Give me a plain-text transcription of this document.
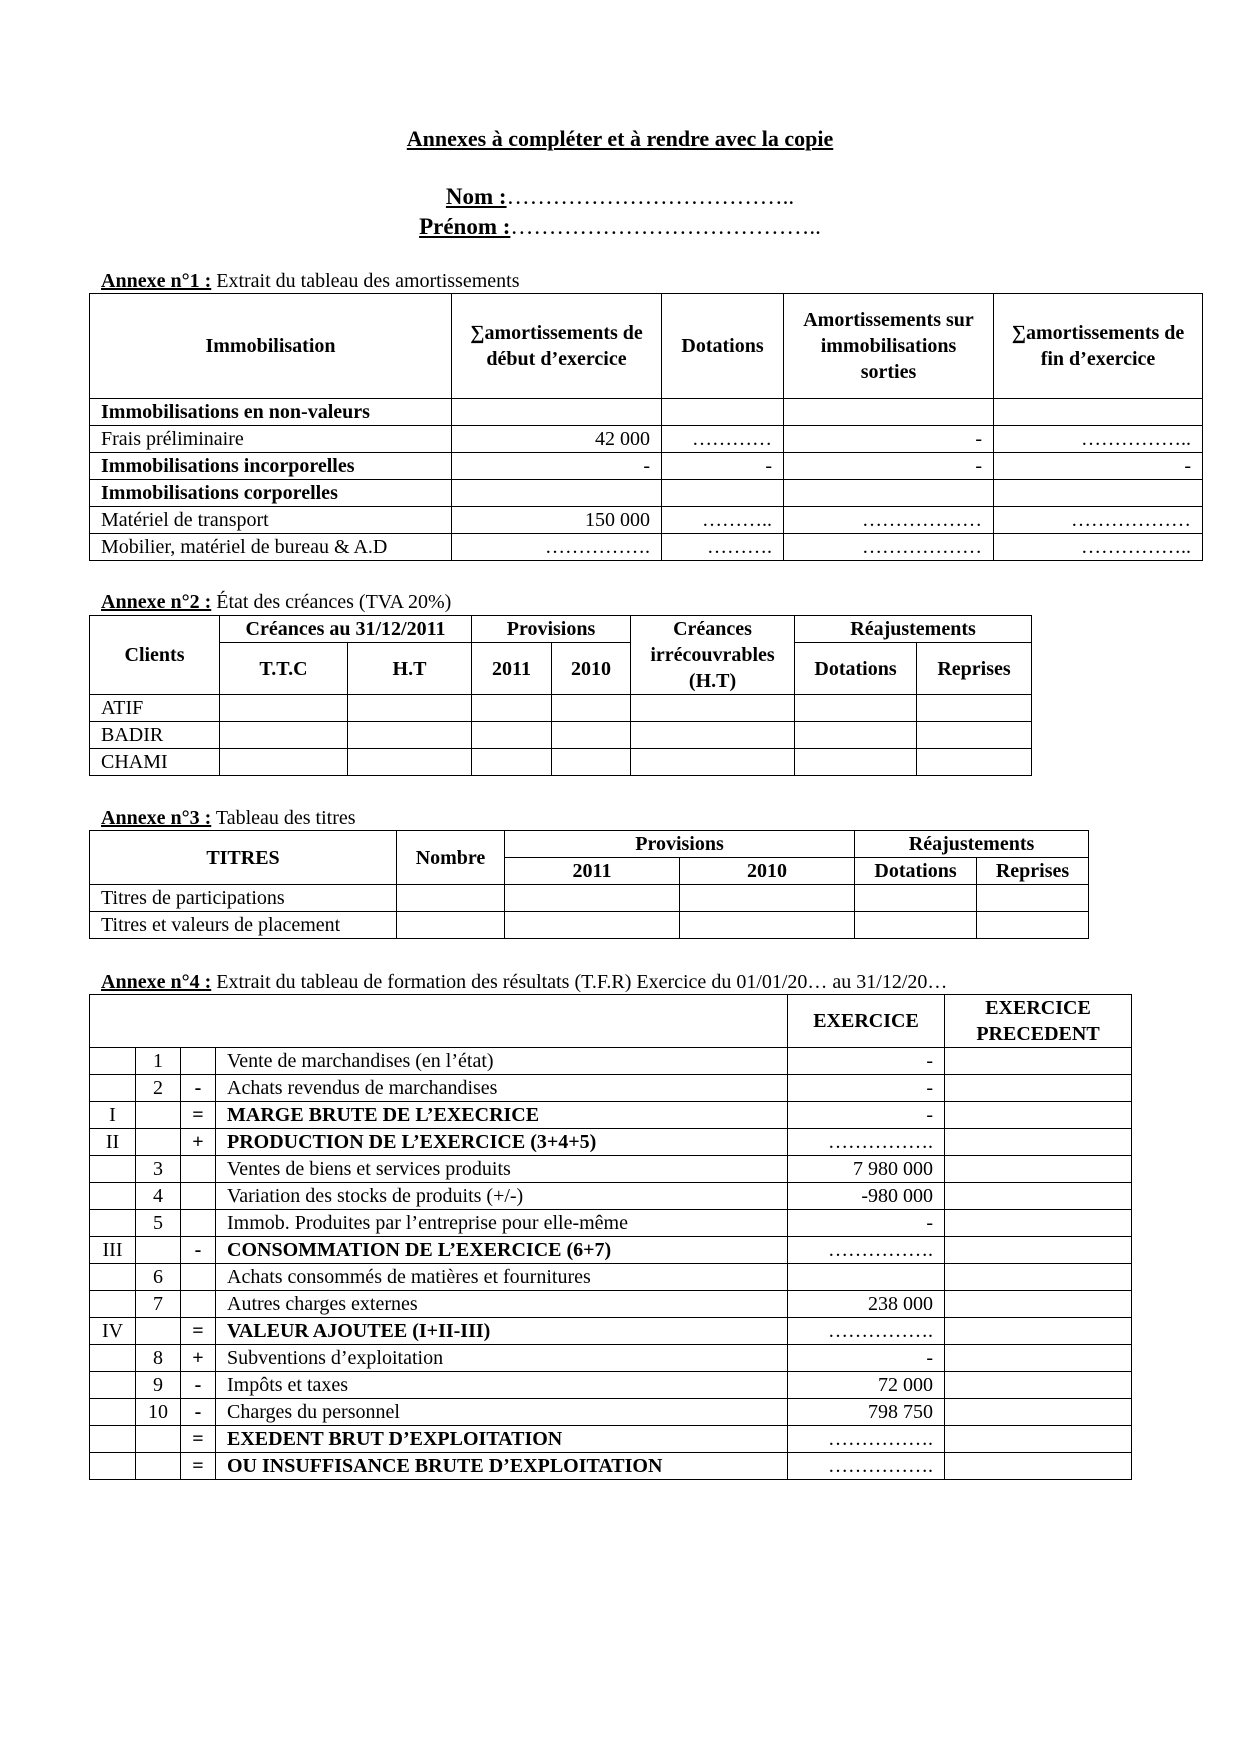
Annexes à compléter et à rendre avec la copie
Nom :………………………………..
Prénom :…………………………………..
Annexe n°1 : Extrait du tableau des amortissements
Immobilisation	∑amortissements de début d’exercice	Dotations	Amortissements sur immobilisations sorties	∑amortissements de fin d’exercice
Immobilisations en non-valeurs				
Frais préliminaire	42 000	…………	-	……………..
Immobilisations incorporelles	-	-	-	-
Immobilisations corporelles				
Matériel de transport	150 000	………..	………………	………………
Mobilier, matériel de bureau & A.D	…………….	……….	………………	……………..
Annexe n°2 : État des créances (TVA 20%)
Clients	Créances au 31/12/2011		Provisions		Créances irrécouvrables (H.T)	Réajustements	
	T.T.C	H.T	2011	2010		Dotations	Reprises
ATIF							
BADIR							
CHAMI							
Annexe n°3 : Tableau des titres
TITRES	Nombre	Provisions		Réajustements	
		2011	2010	Dotations	Reprises
Titres de participations					
Titres et valeurs de placement					
Annexe n°4 : Extrait du tableau de formation des résultats (T.F.R) Exercice du 01/01/20… au 31/12/20…
				EXERCICE	EXERCICE PRECEDENT
	1		Vente de marchandises (en l’état)	-	
	2	-	Achats revendus de marchandises	-	
I		=	MARGE BRUTE DE L’EXECRICE	-	
II		+	PRODUCTION DE L’EXERCICE (3+4+5)	…………….	
	3		Ventes de biens et services produits	7 980 000	
	4		Variation des stocks de produits (+/-)	-980 000	
	5		Immob. Produites par l’entreprise pour elle-même	-	
III		-	CONSOMMATION DE L’EXERCICE (6+7)	…………….	
	6		Achats consommés de matières et fournitures		
	7		Autres charges externes	238 000	
IV		=	VALEUR AJOUTEE (I+II-III)	…………….	
	8	+	Subventions d’exploitation	-	
	9	-	Impôts et taxes	72 000	
	10	-	Charges du personnel	798 750	
		=	EXEDENT BRUT D’EXPLOITATION	…………….	
		=	OU INSUFFISANCE BRUTE D’EXPLOITATION	…………….	
